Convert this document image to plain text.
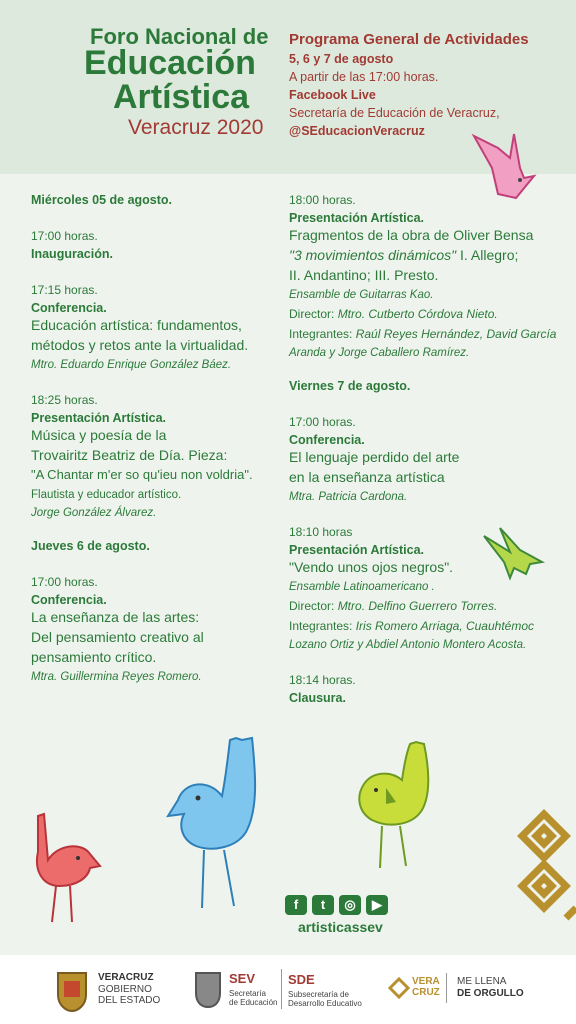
Foro Nacional de
Educación
Artística
Veracruz 2020
Programa General de Actividades
5, 6 y 7 de agosto
A partir de las 17:00 horas.
Facebook Live
Secretaría de Educación de Veracruz,
@SEducacionVeracruz
Miércoles 05 de agosto.
17:00 horas.
Inauguración.
17:15 horas.
Conferencia.
Educación artística: fundamentos,
métodos y retos ante la virtualidad.
Mtro. Eduardo Enrique González Báez.
18:25 horas.
Presentación Artística.
Música y poesía de la
Trovairitz Beatriz de Día. Pieza:
"A Chantar m'er so qu'ieu non voldria".
Flautista y educador artístico.
Jorge González Álvarez.
Jueves 6 de agosto.
17:00 horas.
Conferencia.
La enseñanza de las artes:
Del pensamiento creativo al
pensamiento crítico.
Mtra. Guillermina Reyes Romero.
18:00 horas.
Presentación Artística.
Fragmentos de la obra de Oliver Bensa
"3 movimientos dinámicos" I. Allegro;
II. Andantino; III. Presto.
Ensamble de Guitarras Kao.
Director: Mtro. Cutberto Córdova Nieto.
Integrantes: Raúl Reyes Hernández, David García
Aranda y Jorge Caballero Ramírez.
Viernes 7 de agosto.
17:00 horas.
Conferencia.
El lenguaje perdido del arte
en la enseñanza artística
Mtra. Patricia Cardona.
18:10 horas
Presentación Artística.
"Vendo unos ojos negros".
Ensamble Latinoamericano .
Director: Mtro. Delfino Guerrero Torres.
Integrantes: Iris Romero Arriaga, Cuauhtémoc
Lozano Ortiz y Abdiel Antonio Montero Acosta.
18:14 horas.
Clausura.
f t ◎ ▶
artisticassev
VERACRUZ
GOBIERNO
DEL ESTADO
SEV
Secretaría
de Educación
SDE
Subsecretaría de
Desarrollo Educativo
VERA
CRUZ
ME LLENA
DE ORGULLO
